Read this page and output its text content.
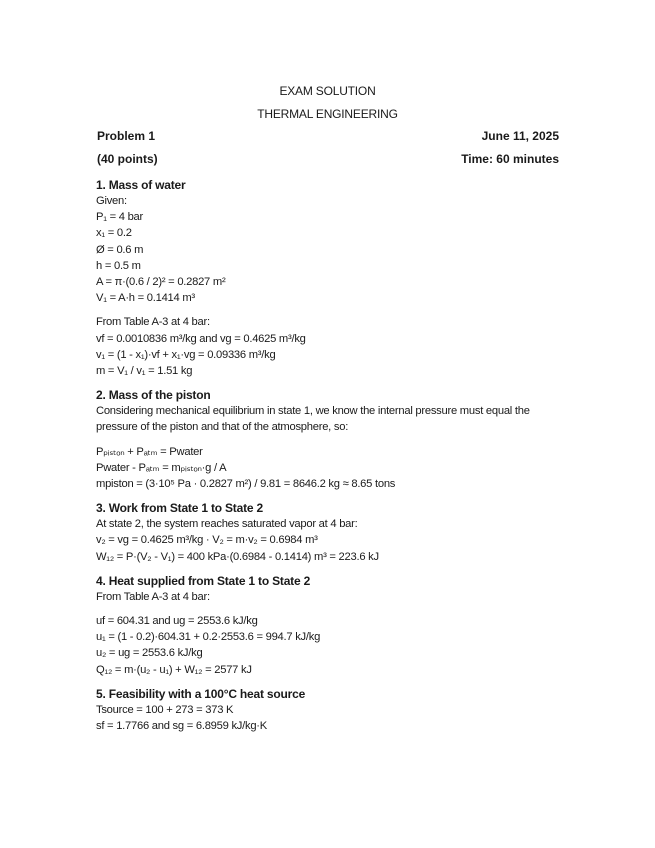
EXAM SOLUTION
THERMAL ENGINEERING
Problem 1	June 11, 2025
(40 points)	Time: 60 minutes
1. Mass of water

Given:

P₁ = 4 bar

x₁ = 0.2

Ø = 0.6 m

h = 0.5 m

A = π·(0.6 / 2)² = 0.2827 m²

V₁ = A·h = 0.1414 m³

From Table A-3 at 4 bar:

vf = 0.0010836 m³/kg and vg = 0.4625 m³/kg

v₁ = (1 - x₁)·vf + x₁·vg = 0.09336 m³/kg

m = V₁ / v₁ = 1.51 kg

2. Mass of the piston

Considering mechanical equilibrium in state 1, we know the internal pressure must equal the pressure of the piston and that of the atmosphere, so:

Pₚᵢₛₜₒₙ + Pₐₜₘ = Pwater

Pwater - Pₐₜₘ = mₚᵢₛₜₒₙ·g / A

mpiston = (3·10⁵ Pa · 0.2827 m²) / 9.81 = 8646.2 kg ≈ 8.65 tons

3. Work from State 1 to State 2

At state 2, the system reaches saturated vapor at 4 bar:

v₂ = vg = 0.4625 m³/kg · V₂ = m·v₂ = 0.6984 m³

W₁₂ = P·(V₂ - V₁) = 400 kPa·(0.6984 - 0.1414) m³ = 223.6 kJ

4. Heat supplied from State 1 to State 2

From Table A-3 at 4 bar:

uf = 604.31 and ug = 2553.6 kJ/kg

u₁ = (1 - 0.2)·604.31 + 0.2·2553.6 = 994.7 kJ/kg

u₂ = ug = 2553.6 kJ/kg

Q₁₂ = m·(u₂ - u₁) + W₁₂ = 2577 kJ

5. Feasibility with a 100°C heat source

Tsource = 100 + 273 = 373 K

sf = 1.7766 and sg = 6.8959 kJ/kg·K
